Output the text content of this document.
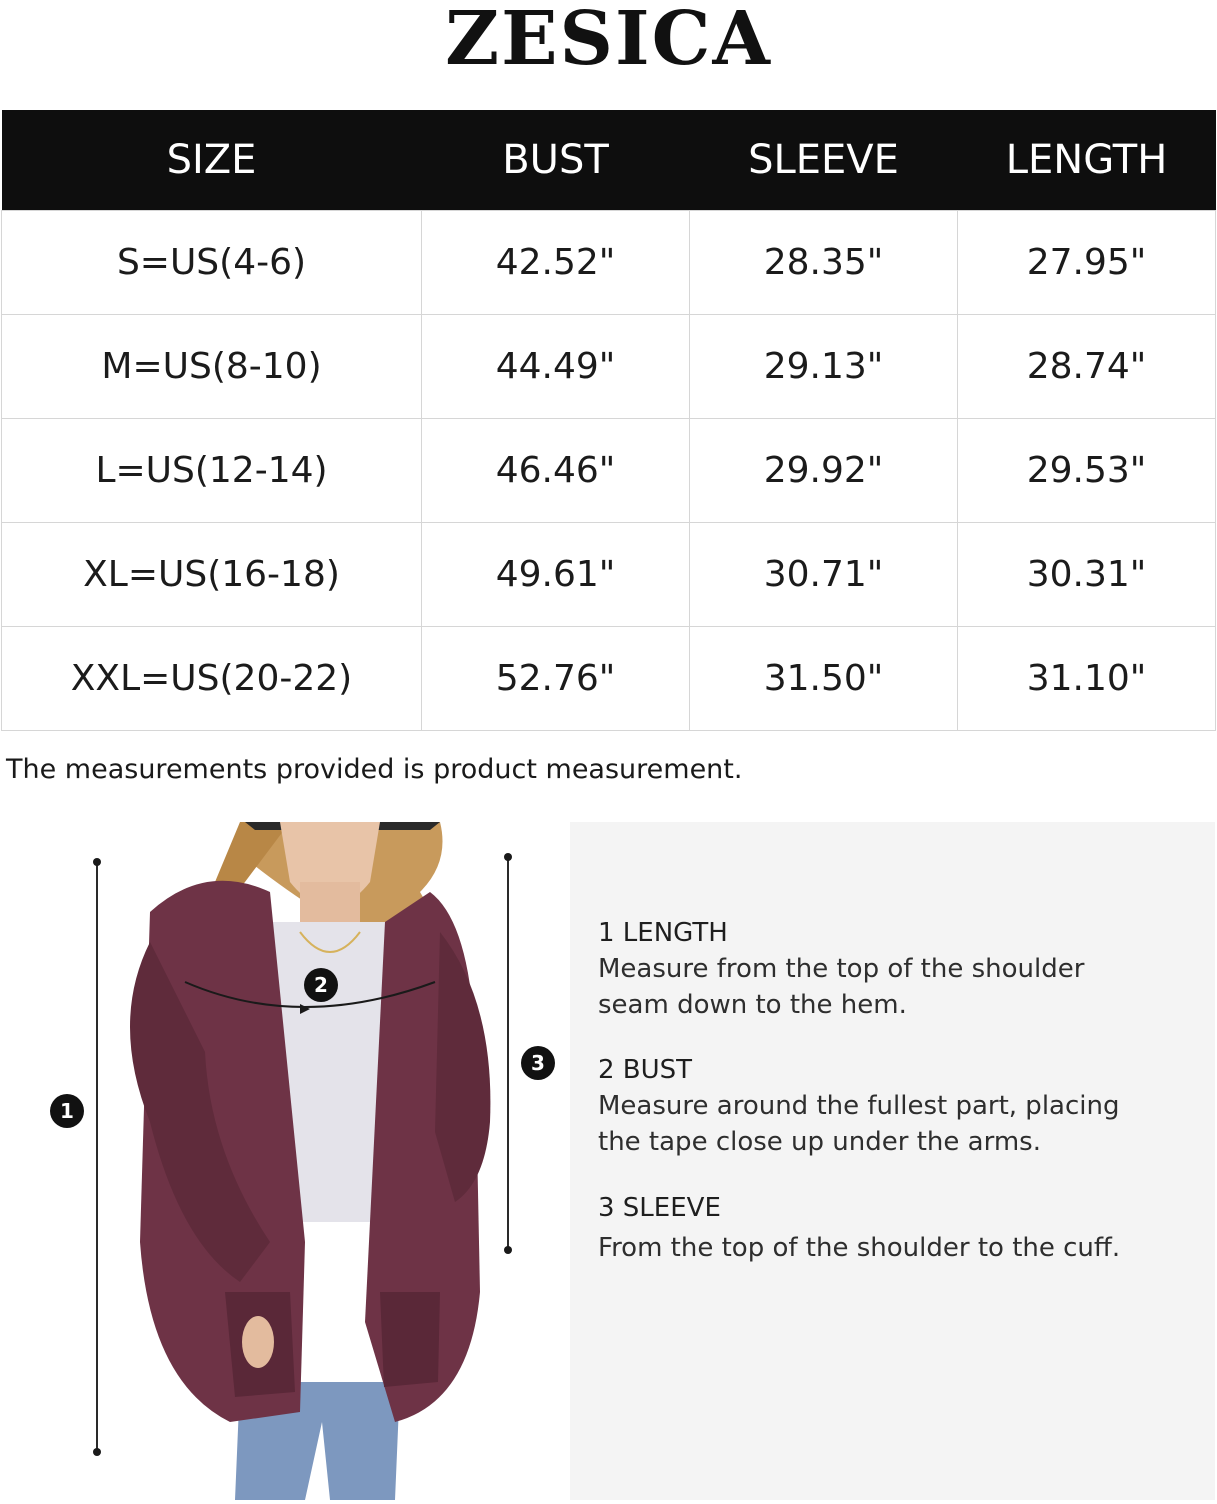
ZESICA
SIZE	BUST	SLEEVE	LENGTH
S=US(4-6)	42.52"	28.35"	27.95"
M=US(8-10)	44.49"	29.13"	28.74"
L=US(12-14)	46.46"	29.92"	29.53"
XL=US(16-18)	49.61"	30.71"	30.31"
XXL=US(20-22)	52.76"	31.50"	31.10"
The measurements provided is product measurement.
1
2
3
1 LENGTH
Measure from the top of the shoulder seam down to the hem.
2 BUST
Measure around the fullest part, placing the tape close up under the arms.
3 SLEEVE
From the top of the shoulder to the cuff.
